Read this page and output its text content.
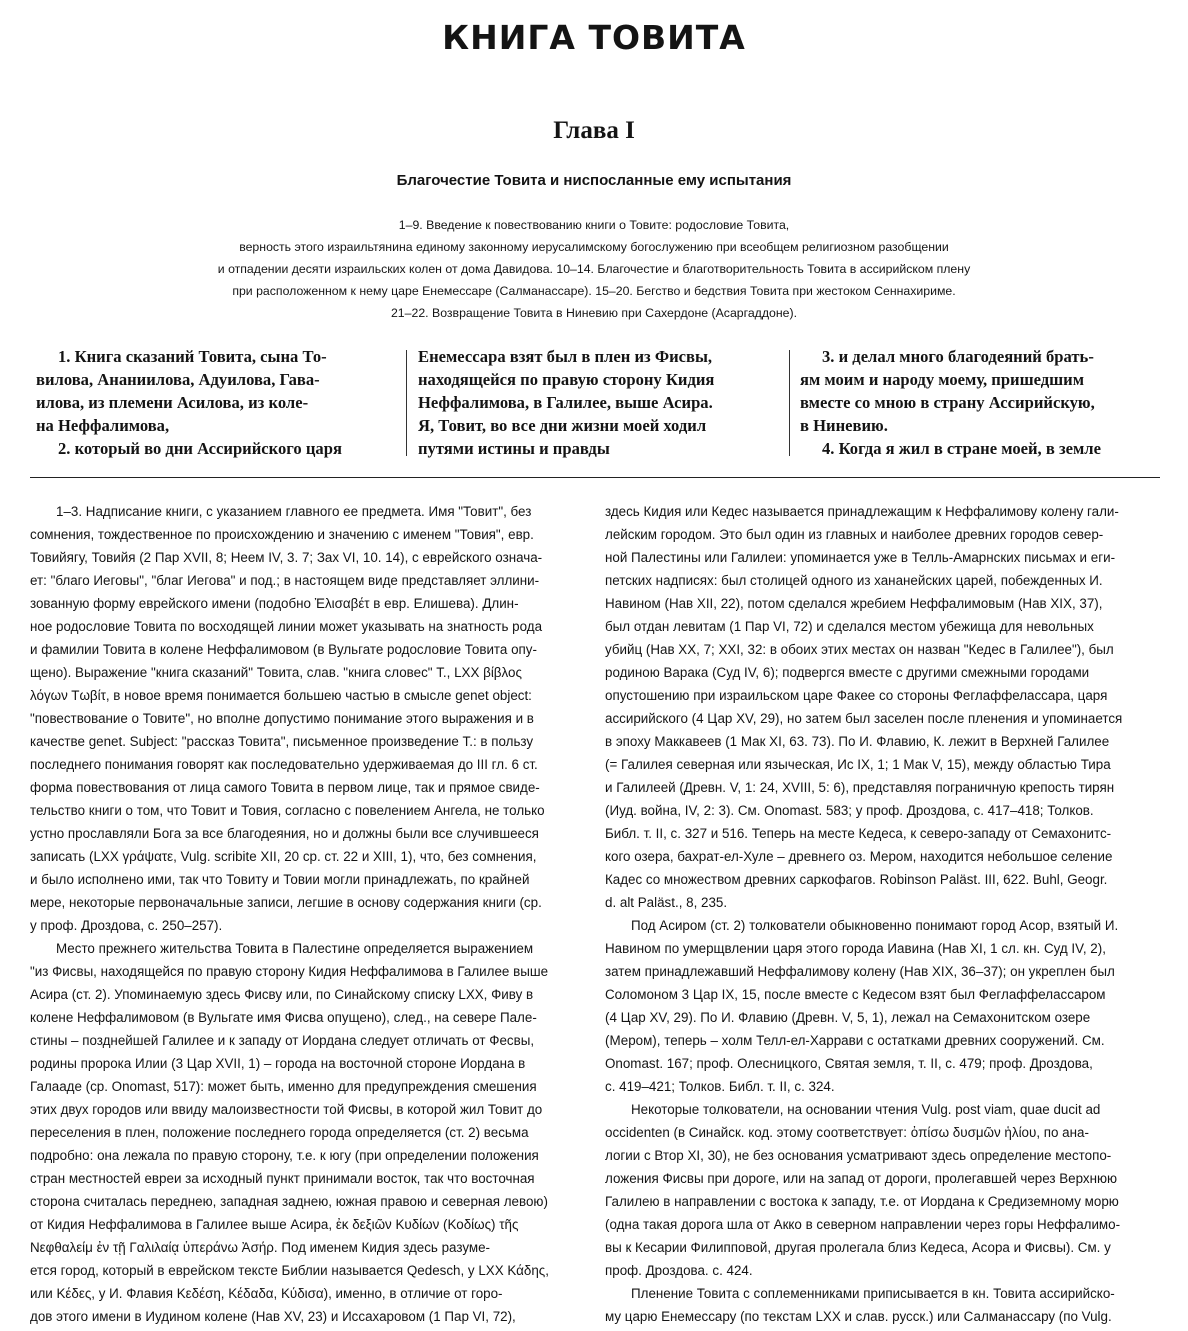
КНИГА ТОВИТА
Глава I
Благочестие Товита и ниспосланные ему испытания
1–9. Введение к повествованию книги о Товите: родословие Товита,
верность этого израильтянина единому законному иерусалимскому богослужению при всеобщем религиозном разобщении
и отпадении десяти израильских колен от дома Давидова. 10–14. Благочестие и благотворительность Товита в ассирийском плену
при расположенном к нему царе Енемессаре (Салманассаре). 15–20. Бегство и бедствия Товита при жестоком Сеннахириме.
21–22. Возвращение Товита в Ниневию при Сахердоне (Асаргаддоне).
1. Книга сказаний Товита, сына То-
вилова, Ананиилова, Адуилова, Гава-
илова, из племени Асилова, из коле-
на Неффалимова,
2. который во дни Ассирийского царя
Енемессара взят был в плен из Фисвы,
находящейся по правую сторону Кидия
Неффалимова, в Галилее, выше Асира.
Я, Товит, во все дни жизни моей ходил
путями истины и правды
3. и делал много благодеяний брать-
ям моим и народу моему, пришедшим
вместе со мною в страну Ассирийскую,
в Ниневию.
4. Когда я жил в стране моей, в земле
1–3. Надписание книги, с указанием главного ее предмета. Имя "Товит", без
сомнения, тождественное по происхождению и значению с именем "Товия", евр.
Товийягу, Товийя (2 Пар XVII, 8; Неем IV, 3. 7; Зах VI, 10. 14), с еврейского означа-
ет: "благо Иеговы", "благ Иегова" и под.; в настоящем виде представляет эллини-
зованную форму еврейского имени (подобно Ἐλισαβέτ в евр. Елишева). Длин-
ное родословие Товита по восходящей линии может указывать на знатность рода
и фамилии Товита в колене Неффалимовом (в Вульгате родословие Товита опу-
щено). Выражение "книга сказаний" Товита, слав. "книга словес" Т., LXX βίβλος
λόγων Τωβίτ, в новое время понимается большею частью в смысле genet object:
"повествование о Товите", но вполне допустимо понимание этого выражения и в
качестве genet. Subject: "рассказ Товита", письменное произведение Т.: в пользу
последнего понимания говорят как последовательно удерживаемая до III гл. 6 ст.
форма повествования от лица самого Товита в первом лице, так и прямое свиде-
тельство книги о том, что Товит и Товия, согласно с повелением Ангела, не только
устно прославляли Бога за все благодеяния, но и должны были все случившееся
записать (LXX γράψατε, Vulg. scribite XII, 20 ср. ст. 22 и XIII, 1), что, без сомнения,
и было исполнено ими, так что Товиту и Товии могли принадлежать, по крайней
мере, некоторые первоначальные записи, легшие в основу содержания книги (ср.
у проф. Дроздова, с. 250–257).
Место прежнего жительства Товита в Палестине определяется выражением
"из Фисвы, находящейся по правую сторону Кидия Неффалимова в Галилее выше
Асира (ст. 2). Упоминаемую здесь Фисву или, по Синайскому списку LXX, Фиву в
колене Неффалимовом (в Вульгате имя Фисва опущено), след., на севере Пале-
стины – позднейшей Галилее и к западу от Иордана следует отличать от Фесвы,
родины пророка Илии (3 Цар XVII, 1) – города на восточной стороне Иордана в
Галааде (ср. Onomast, 517): может быть, именно для предупреждения смешения
этих двух городов или ввиду малоизвестности той Фисвы, в которой жил Товит до
переселения в плен, положение последнего города определяется (ст. 2) весьма
подробно: она лежала по правую сторону, т.е. к югу (при определении положения
стран местностей евреи за исходный пункт принимали восток, так что восточная
сторона считалась переднею, западная заднею, южная правою и северная левою)
от Кидия Неффалимова в Галилее выше Асира, ἐκ δεξιῶν Κυδίων (Κοδίως) τῆς
Νεφθαλείμ ἐν τῇ Γαλιλαίᾳ ὑπεράνω Ἀσήρ. Под именем Кидия здесь разуме-
ется город, который в еврейском тексте Библии называется Qedesch, у LXX Κάδης,
или Κέδες, у И. Флавия Κεδέση, Κέδαδα, Κύδισα), именно, в отличие от горо-
дов этого имени в Иудином колене (Нав XV, 23) и Иссахаровом (1 Пар VI, 72),
здесь Кидия или Кедес называется принадлежащим к Неффалимову колену гали-
лейским городом. Это был один из главных и наиболее древних городов север-
ной Палестины или Галилеи: упоминается уже в Телль-Амарнских письмах и еги-
петских надписях: был столицей одного из хананейских царей, побежденных И.
Навином (Нав XII, 22), потом сделался жребием Неффалимовым (Нав XIX, 37),
был отдан левитам (1 Пар VI, 72) и сделался местом убежища для невольных
убийц (Нав XX, 7; XXI, 32: в обоих этих местах он назван "Кедес в Галилее"), был
родиною Варака (Суд IV, 6); подвергся вместе с другими смежными городами
опустошению при израильском царе Факее со стороны Феглаффелассара, царя
ассирийского (4 Цар XV, 29), но затем был заселен после пленения и упоминается
в эпоху Маккавеев (1 Мак XI, 63. 73). По И. Флавию, К. лежит в Верхней Галилее
(= Галилея северная или языческая, Ис IX, 1; 1 Мак V, 15), между областью Тира
и Галилеей (Древн. V, 1: 24, XVIII, 5: 6), представляя пограничную крепость тирян
(Иуд. война, IV, 2: 3). См. Onomast. 583; у проф. Дроздова, с. 417–418; Толков.
Библ. т. II, с. 327 и 516. Теперь на месте Кедеса, к северо-западу от Семахонитс-
кого озера, бахрат-ел-Хуле – древнего оз. Мером, находится небольшое селение
Кадес со множеством древних саркофагов. Robinson Paläst. III, 622. Buhl, Geogr.
d. alt Paläst., 8, 235.
Под Асиром (ст. 2) толкователи обыкновенно понимают город Асор, взятый И.
Навином по умерщвлении царя этого города Иавина (Нав XI, 1 сл. кн. Суд IV, 2),
затем принадлежавший Неффалимову колену (Нав XIX, 36–37); он укреплен был
Соломоном 3 Цар IX, 15, после вместе с Кедесом взят был Феглаффелассаром
(4 Цар XV, 29). По И. Флавию (Древн. V, 5, 1), лежал на Семахонитском озере
(Мером), теперь – холм Телл-ел-Харрави с остатками древних сооружений. См.
Onomast. 167; проф. Олесницкого, Святая земля, т. II, с. 479; проф. Дроздова,
с. 419–421; Толков. Библ. т. II, с. 324.
Некоторые толкователи, на основании чтения Vulg. post viam, quae ducit ad
occidenten (в Синайск. код. этому соответствует: ὀπίσω δυσμῶν ἡλίου, по ана-
логии с Втор XI, 30), не без основания усматривают здесь определение местопо-
ложения Фисвы при дороге, или на запад от дороги, пролегавшей через Верхнюю
Галилею в направлении с востока к западу, т.е. от Иордана к Средиземному морю
(одна такая дорога шла от Акко в северном направлении через горы Неффалимо-
вы к Кесарии Филипповой, другая пролегала близ Кедеса, Асора и Фисвы). См. у
проф. Дроздова. с. 424.
Пленение Товита с соплеменниками приписывается в кн. Товита ассирийско-
му царю Енемессару (по текстам LXX и слав. русск.) или Салманассару (по Vulg.
